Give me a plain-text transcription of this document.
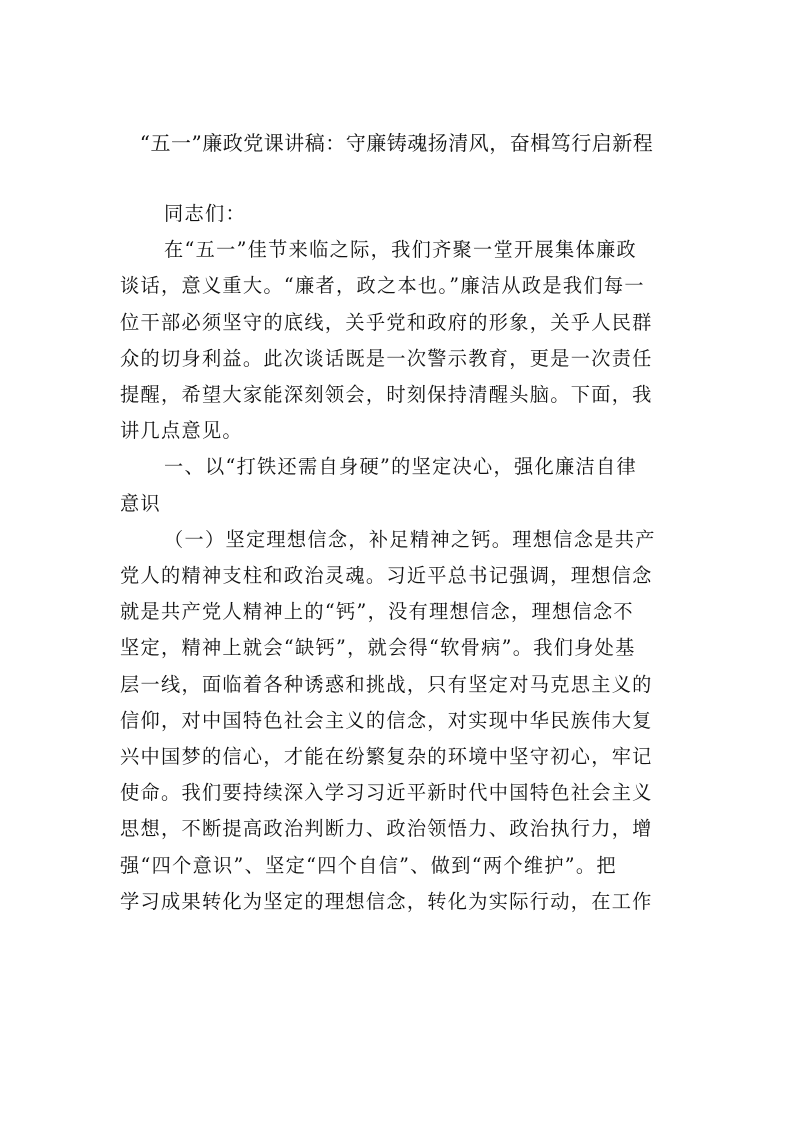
“五一”廉政党课讲稿：守廉铸魂扬清风，奋楫笃行启新程
同志们：
在“五一”佳节来临之际，我们齐聚一堂开展集体廉政
谈话，意义重大。“廉者，政之本也。”廉洁从政是我们每一
位干部必须坚守的底线，关乎党和政府的形象，关乎人民群
众的切身利益。此次谈话既是一次警示教育，更是一次责任
提醒，希望大家能深刻领会，时刻保持清醒头脑。下面，我
讲几点意见。
一、以“打铁还需自身硬”的坚定决心，强化廉洁自律
意识
（一）坚定理想信念，补足精神之钙。理想信念是共产
党人的精神支柱和政治灵魂。习近平总书记强调，理想信念
就是共产党人精神上的“钙”，没有理想信念，理想信念不
坚定，精神上就会“缺钙”，就会得“软骨病”。我们身处基
层一线，面临着各种诱惑和挑战，只有坚定对马克思主义的
信仰，对中国特色社会主义的信念，对实现中华民族伟大复
兴中国梦的信心，才能在纷繁复杂的环境中坚守初心，牢记
使命。我们要持续深入学习习近平新时代中国特色社会主义
思想，不断提高政治判断力、政治领悟力、政治执行力，增
强“四个意识”、坚定“四个自信”、做到“两个维护”。把
学习成果转化为坚定的理想信念，转化为实际行动，在工作
